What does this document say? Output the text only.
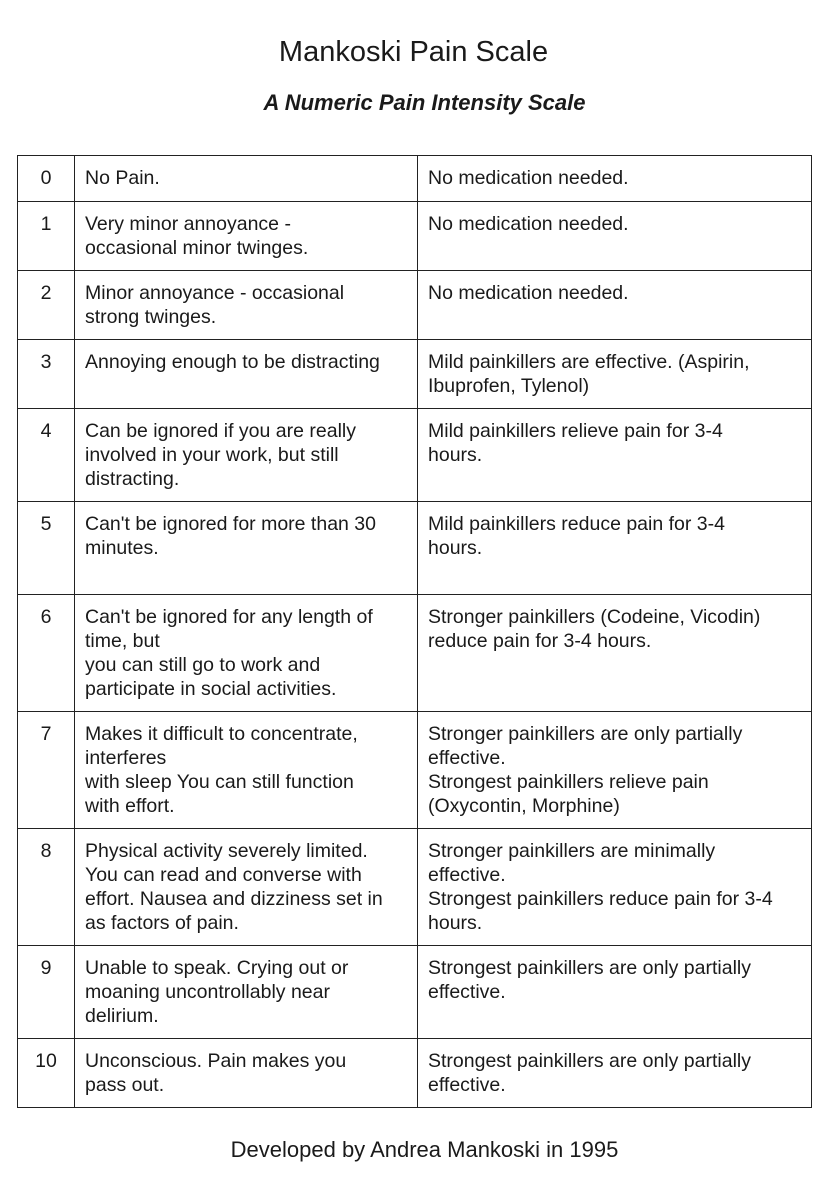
Mankoski Pain Scale
A Numeric Pain Intensity Scale
0	No Pain.	No medication needed.

1	Very minor annoyance -
occasional minor twinges.	No medication needed.

2	Minor annoyance - occasional
strong twinges.	No medication needed.

3	Annoying enough to be distracting	Mild painkillers are effective. (Aspirin,
Ibuprofen, Tylenol)

4	Can be ignored if you are really
involved in your work, but still
distracting.	Mild painkillers relieve pain for 3-4
hours.

5	Can't be ignored for more than 30
minutes.	Mild painkillers reduce pain for 3-4
hours.

6	Can't be ignored for any length of
time, but
you can still go to work and
participate in social activities.	Stronger painkillers (Codeine, Vicodin)
reduce pain for 3-4 hours.

7	Makes it difficult to concentrate,
interferes
with sleep You can still function
with effort.	Stronger painkillers are only partially
effective.
Strongest painkillers relieve pain
(Oxycontin, Morphine)

8	Physical activity severely limited.
You can read and converse with
effort. Nausea and dizziness set in
as factors of pain.	Stronger painkillers are minimally
effective.
Strongest painkillers reduce pain for 3-4
hours.

9	Unable to speak. Crying out or
moaning uncontrollably near
delirium.	Strongest painkillers are only partially
effective.

10	Unconscious. Pain makes you
pass out.	Strongest painkillers are only partially
effective.

Developed by Andrea Mankoski in 1995
